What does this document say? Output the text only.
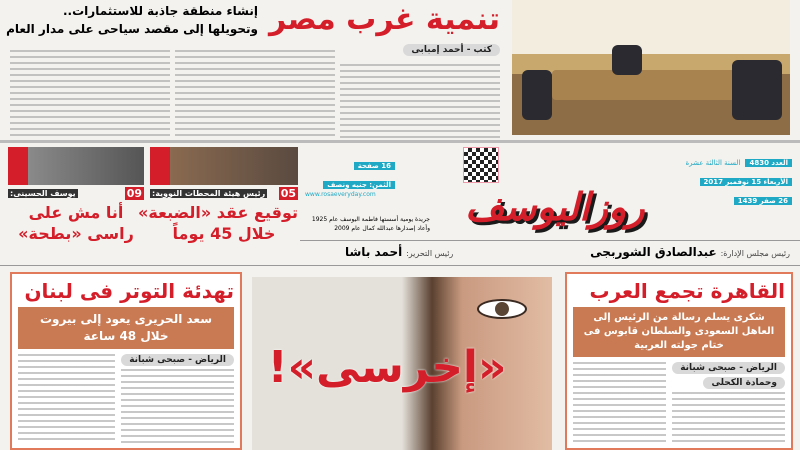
تنمية غرب مصر
إنشاء منطقة جاذبة للاستثمارات..
وتحويلها إلى مقصد سياحى على مدار العام
كتب - أحمد إمبابى
رئيس هيئة المحطات النووية: 05
توقيع عقد «الضبعة»
خلال 45 يوماً
يوسف الحسينى:	09
أنا مش على
راسى «بطحة»
روزاليوسف
العدد 4830 السنة الثالثة عشرة
الأربعاء 15 نوفمبر 2017
26 صفر 1439
16 صفحة
الثمن: جنيه ونصف
www.rosaeveryday.com
جريدة يومية أسستها فاطمة اليوسف عام 1925
وأعاد إصدارها عبدالله كمال عام 2009
رئيس مجلس الإدارة: عبدالصادق الشوربجى
رئيس التحرير: أحمد باشا
القاهرة تجمع العرب
شكرى يسلم رسالة من الرئيس إلى العاهل السعودى والسلطان قابوس فى ختام جولته العربية
الرياض - صبحى شبانة
وحمادة الكحلى
«إخرسى»!
تهدئة التوتر فى لبنان
سعد الحريرى يعود إلى بيروت خلال 48 ساعة
الرياض - صبحى شبانة
